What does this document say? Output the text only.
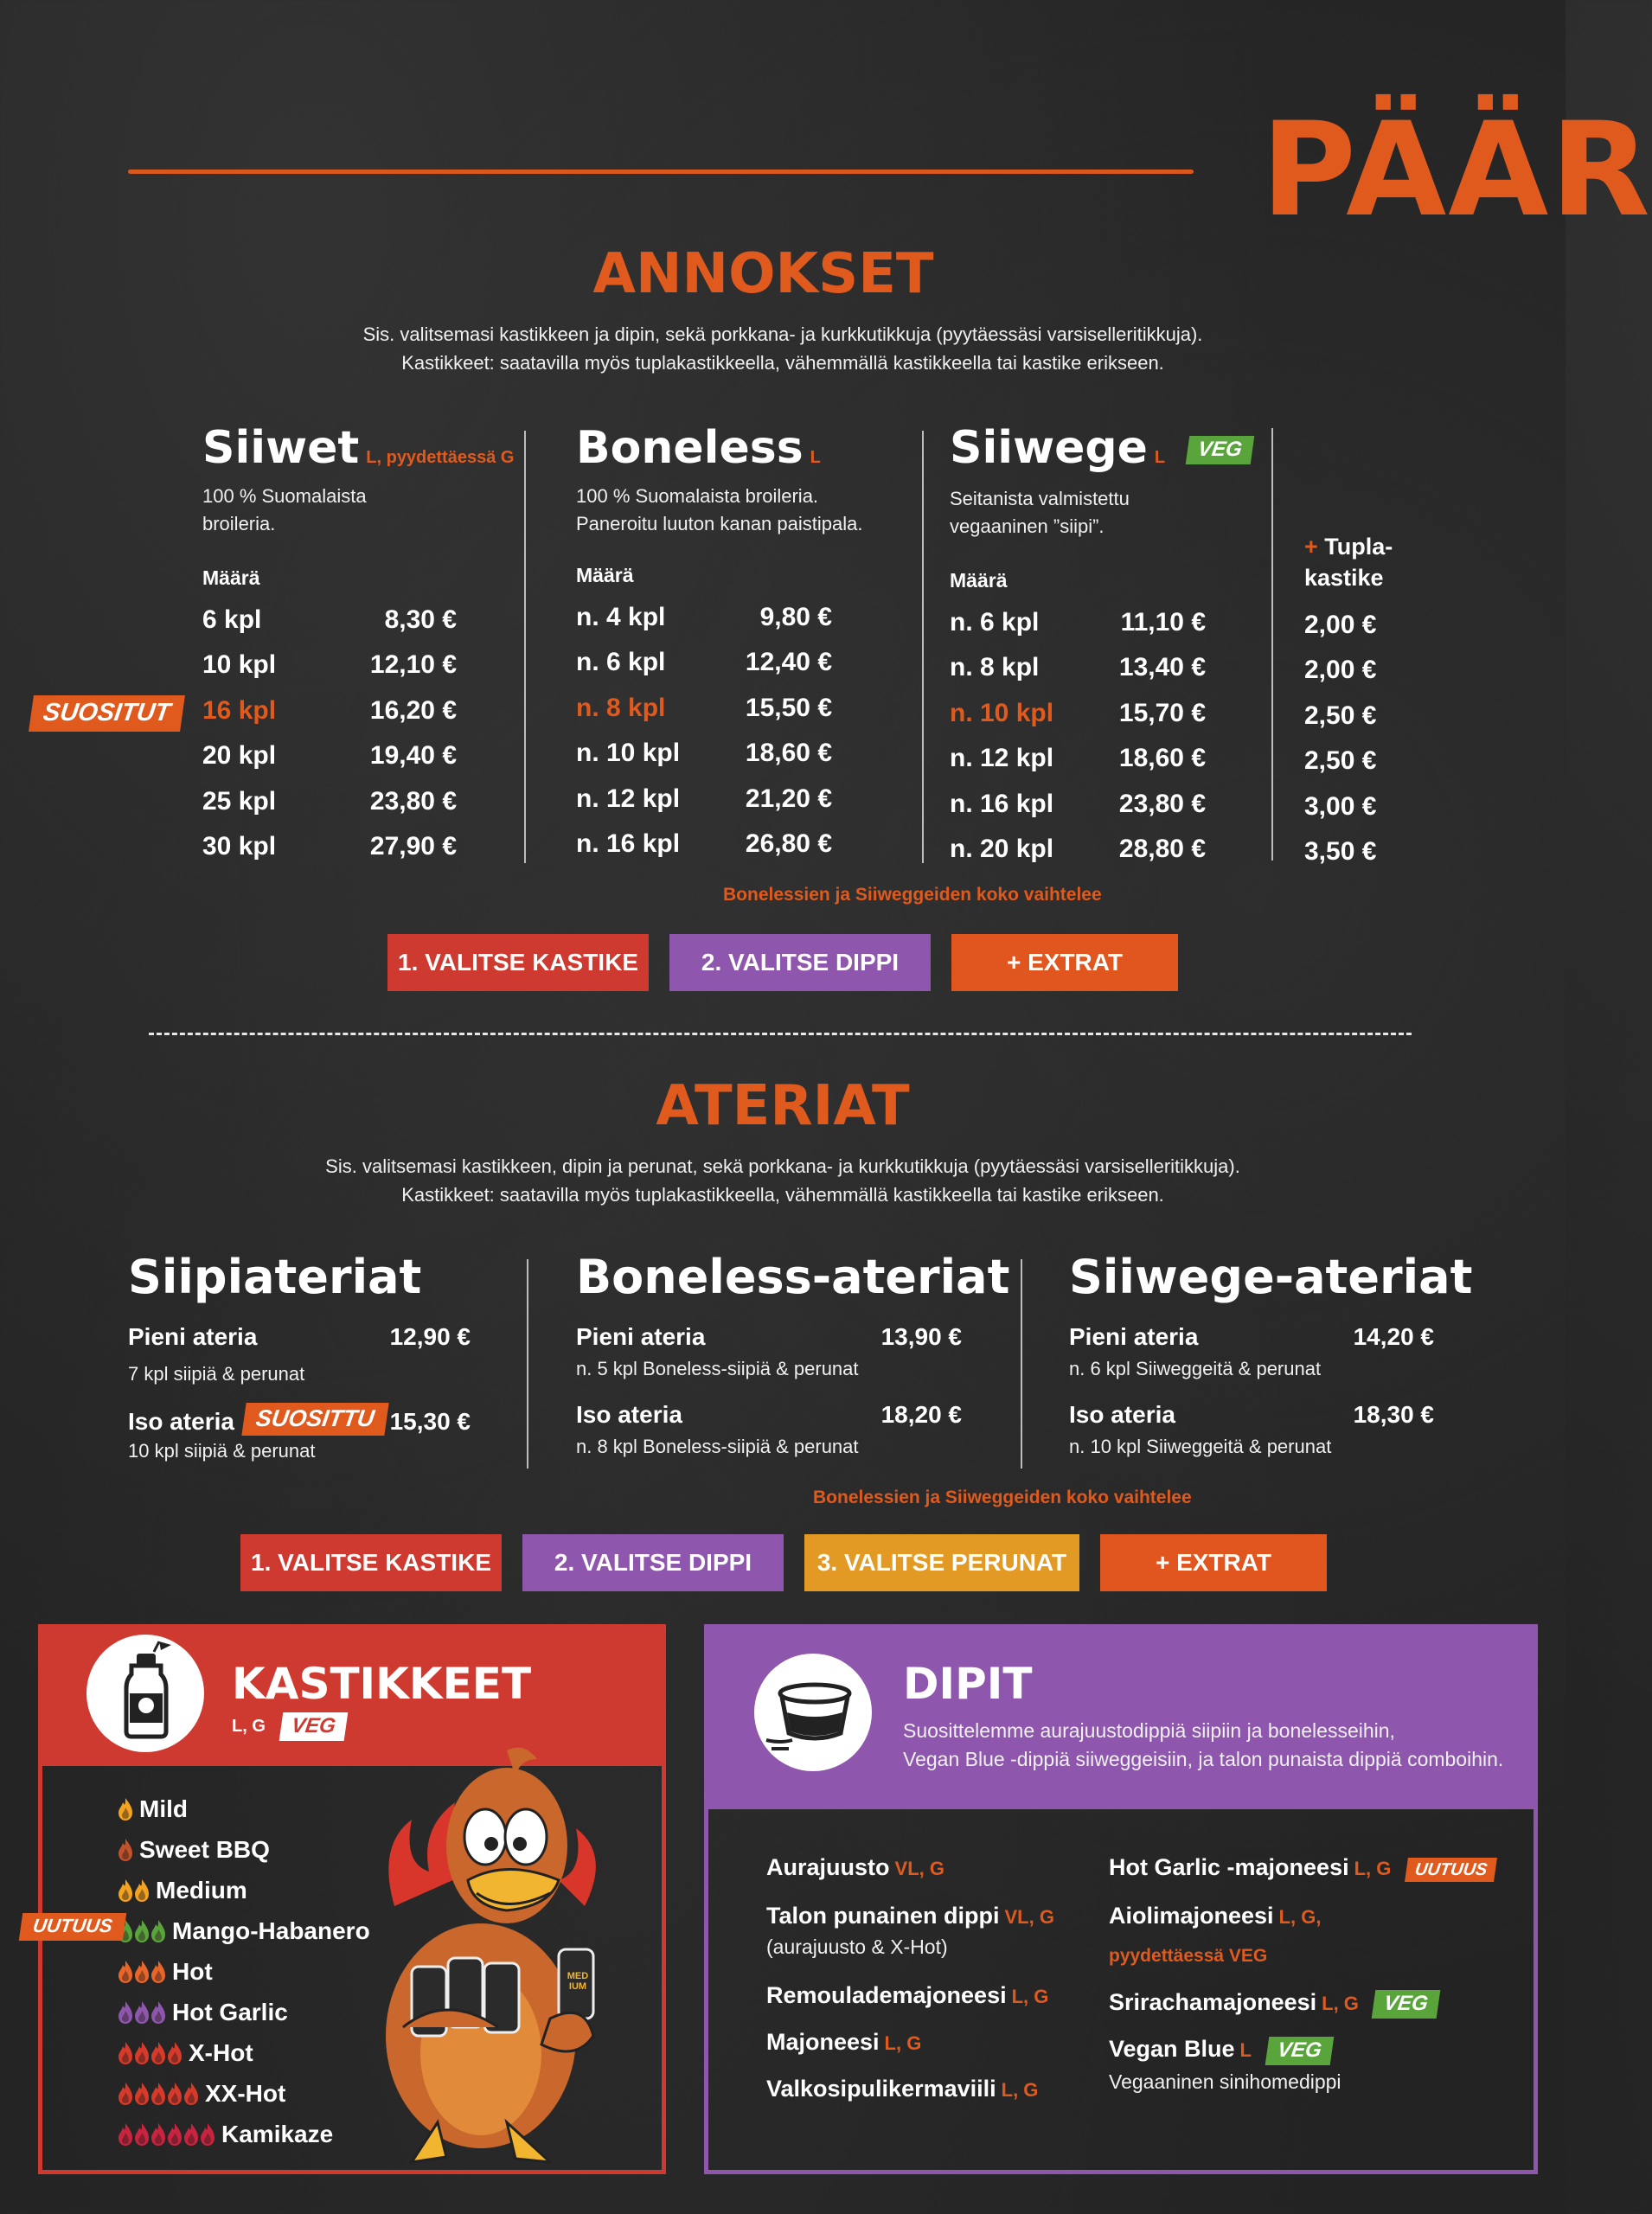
PÄÄR
ANNOKSET
Sis. valitsemasi kastikkeen ja dipin, sekä porkkana- ja kurkkutikkuja (pyytäessäsi varsiselleritikkuja).
Kastikkeet: saatavilla myös tuplakastikkeella, vähemmällä kastikkeella tai kastike erikseen.
Siiwet L, pyydettäessä G
100 % Suomalaista
broileria.
Määrä
6 kpl	8,30 €
10 kpl	12,10 €
16 kpl	16,20 €
20 kpl	19,40 €
25 kpl	23,80 €
30 kpl	27,90 €
Boneless L
100 % Suomalaista broileria.
Paneroitu luuton kanan paistipala.
Määrä
n. 4 kpl	9,80 €
n. 6 kpl	12,40 €
n. 8 kpl	15,50 €
n. 10 kpl	18,60 €
n. 12 kpl	21,20 €
n. 16 kpl	26,80 €
Siiwege L VEG
Seitanista valmistettu
vegaaninen ”siipi”.
Määrä
n. 6 kpl	11,10 €
n. 8 kpl	13,40 €
n. 10 kpl	15,70 €
n. 12 kpl	18,60 €
n. 16 kpl	23,80 €
n. 20 kpl	28,80 €
+ Tupla-
kastike
2,00 €
2,00 €
2,50 €
2,50 €
3,00 €
3,50 €
SUOSITUT
Bonelessien ja Siiweggeiden koko vaihtelee
1. VALITSE KASTIKE	2. VALITSE DIPPI	+ EXTRAT
ATERIAT
Sis. valitsemasi kastikkeen, dipin ja perunat, sekä porkkana- ja kurkkutikkuja (pyytäessäsi varsiselleritikkuja).
Kastikkeet: saatavilla myös tuplakastikkeella, vähemmällä kastikkeella tai kastike erikseen.
Siipiateriat
Pieni ateria	12,90 €
7 kpl siipiä & perunat
Iso ateria	15,30 €
SUOSITTU
10 kpl siipiä & perunat
Boneless-ateriat
Pieni ateria	13,90 €
n. 5 kpl Boneless-siipiä & perunat
Iso ateria	18,20 €
n. 8 kpl Boneless-siipiä & perunat
Siiwege-ateriat
Pieni ateria	14,20 €
n. 6 kpl Siiweggeitä & perunat
Iso ateria	18,30 €
n. 10 kpl Siiweggeitä & perunat
Bonelessien ja Siiweggeiden koko vaihtelee
1. VALITSE KASTIKE	2. VALITSE DIPPI	3. VALITSE PERUNAT	+ EXTRAT
KASTIKKEET
L, G	VEG
Mild
Sweet BBQ
Medium
Mango-Habanero
Hot
Hot Garlic
X-Hot
XX-Hot
Kamikaze
UUTUUS
MED IUM
DIPIT
Suosittelemme aurajuustodippiä siipiin ja bonelesseihin,
Vegan Blue -dippiä siiweggeisiin, ja talon punaista dippiä comboihin.
Aurajuusto VL, G
Talon punainen dippi VL, G
(aurajuusto & X-Hot)
Remoulademajoneesi L, G
Majoneesi L, G
Valkosipulikermaviili L, G
Hot Garlic -majoneesi L, G UUTUUS
Aiolimajoneesi L, G,
pyydettäessä VEG
Srirachamajoneesi L, G VEG
Vegan Blue L VEG
Vegaaninen sinihomedippi
